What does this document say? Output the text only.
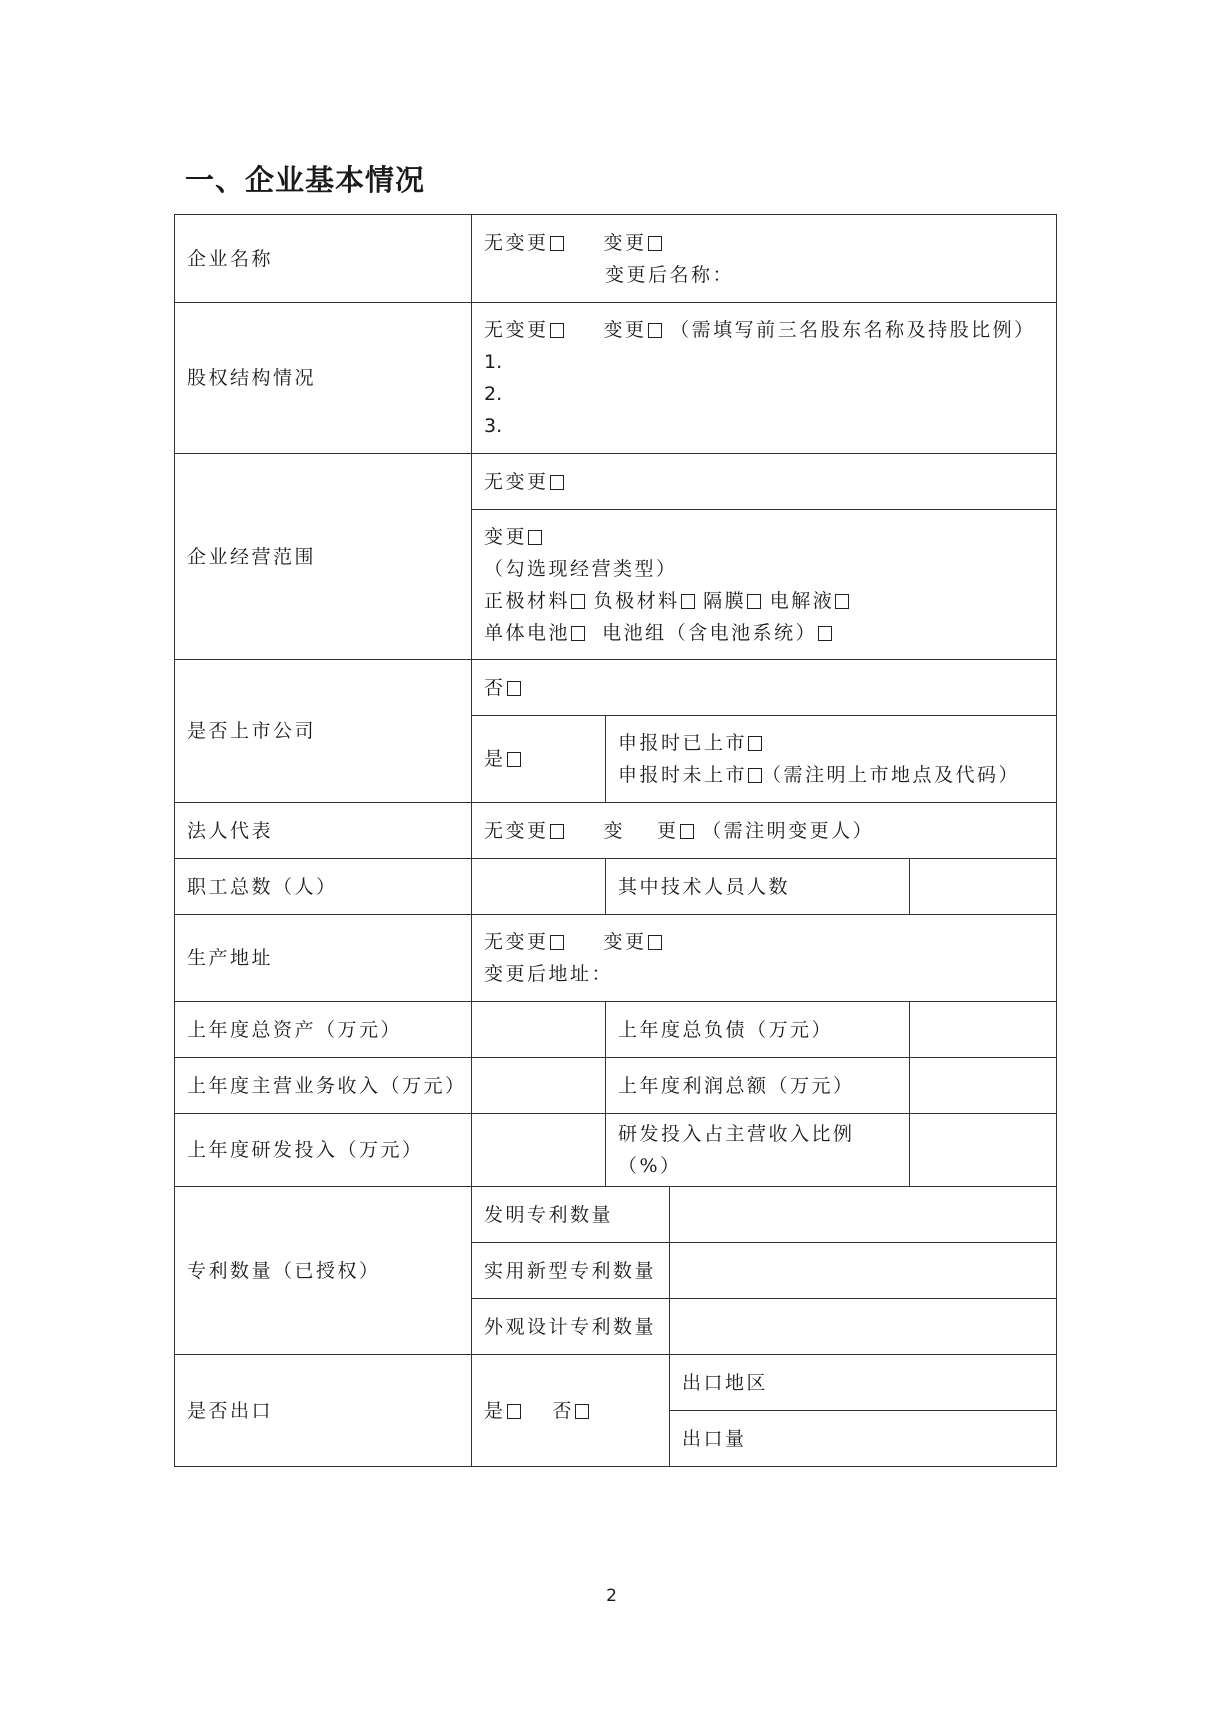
一、企业基本情况
企业名称	无变更 变更
变更后名称：			

股权结构情况	无变更 变更 （需填写前三名股东名称及持股比例）
1.
2.
3.			

企业经营范围	无变更			

	变更
（勾选现经营类型）
正极材料 负极材料 隔膜 电解液
单体电池 电池组（含电池系统）			

是否上市公司	否			
	是	申报时已上市
申报时未上市 （需注明上市地点及代码）		

法人代表	无变更 变 更 （需注明变更人）			
职工总数（人）		其中技术人员人数		
生产地址	无变更 变更
变更后地址：			

上年度总资产（万元）		上年度总负债（万元）		
上年度主营业务收入（万元）		上年度利润总额（万元）		
上年度研发投入（万元）		研发投入占主营收入比例（%）		
专利数量（已授权）	发明专利数量			
	实用新型专利数量			
	外观设计专利数量			
是否出口	是 否		出口地区	
			出口量	
2
